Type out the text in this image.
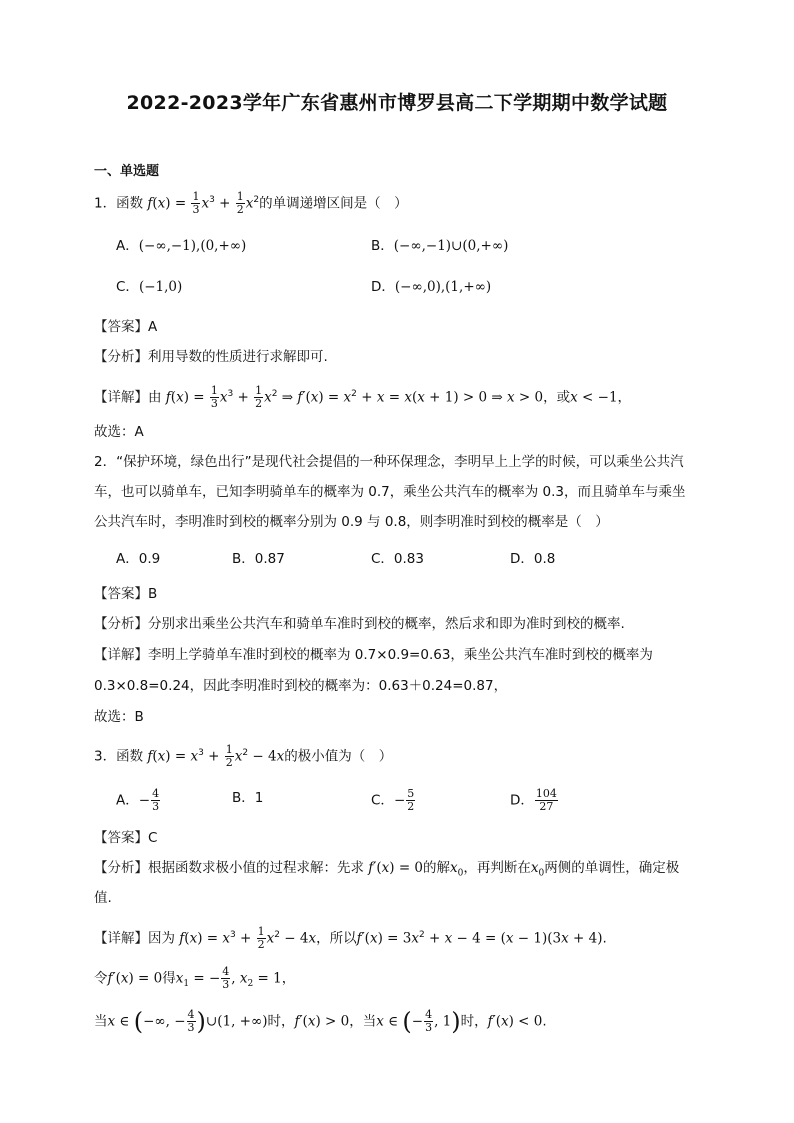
2022-2023学年广东省惠州市博罗县高二下学期期中数学试题
一、单选题
1．函数 $f(x) = \frac{1}{3} x^3 + \frac{1}{2} x^2$的单调递增区间是（　）
A．(−∞,−1),(0,+∞)	B．(−∞,−1)∪(0,+∞)
C．(−1,0)	D．(−∞,0),(1,+∞)
【答案】A
【分析】利用导数的性质进行求解即可.
【详解】由 $f(x) = \frac{1}{3} x^3 + \frac{1}{2} x^2$ ⇒ $f'(x) = x^2 + x = x(x + 1) > 0$ ⇒ x > 0，或x < −1，
故选：A
2．“保护环境，绿色出行”是现代社会提倡的一种环保理念，李明早上上学的时候，可以乘坐公共汽
车，也可以骑单车，已知李明骑单车的概率为 0.7，乘坐公共汽车的概率为 0.3，而且骑单车与乘坐
公共汽车时，李明准时到校的概率分别为 0.9 与 0.8，则李明准时到校的概率是（　）
A．0.9	B．0.87	C．0.83	D．0.8
【答案】B
【分析】分别求出乘坐公共汽车和骑单车准时到校的概率，然后求和即为准时到校的概率.
【详解】李明上学骑单车准时到校的概率为 0.7×0.9=0.63，乘坐公共汽车准时到校的概率为
0.3×0.8=0.24，因此李明准时到校的概率为：0.63＋0.24=0.87，
故选：B
3．函数 $f(x) = x^3 + \frac{1}{2} x^2 - 4x$的极小值为（　）
A．− $\frac{4}{3}$	B．1	C．− $\frac{5}{2}$	D． $\frac{104}{27}$
【答案】C
【分析】根据函数求极小值的过程求解：先求 f′(x) = 0的解$x_0$，再判断在$x_0$两侧的单调性，确定极
值.
【详解】因为 $f(x) = x^3 + \frac{1}{2} x^2 - 4x$，所以$f'(x) = 3x^2 + x - 4 = (x - 1)(3x + 4)$.
令f′(x) = 0得$x_1$ = − $\frac{4}{3}$ , $x_2 = 1$，
当x ∈ (−∞, − $\frac{4}{3}$ )∪(1, +∞)时，f′(x) > 0，当x ∈ (− $\frac{4}{3}$ , 1)时，f′(x) < 0.
